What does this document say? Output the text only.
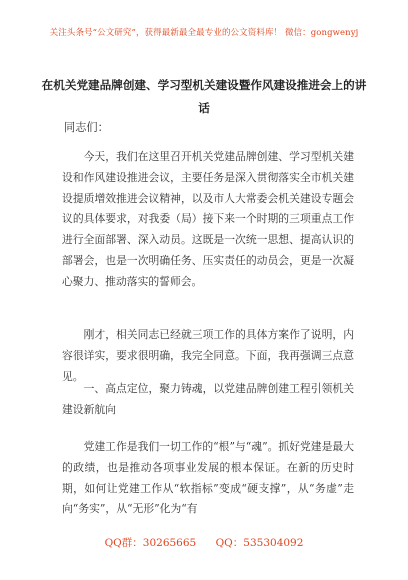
关注头条号“公文研究”，获得最新最全最专业的公文资料库！ 微信：gongwenyj
在机关党建品牌创建、学习型机关建设暨作风建设推进会上的讲话
同志们：

今天，我们在这里召开机关党建品牌创建、学习型机关建设和作风建设推进会议，主要任务是深入贯彻落实全市机关建设提质增效推进会议精神，以及市人大常委会机关建设专题会议的具体要求，对我委（局）接下来一个时期的三项重点工作进行全面部署、深入动员。这既是一次统一思想、提高认识的部署会，也是一次明确任务、压实责任的动员会，更是一次凝心聚力、推动落实的誓师会。

刚才，相关同志已经就三项工作的具体方案作了说明，内容很详实，要求很明确，我完全同意。下面，我再强调三点意见。

一、高点定位，聚力铸魂，以党建品牌创建工程引领机关建设新航向

党建工作是我们一切工作的“根”与“魂”。抓好党建是最大的政绩，也是推动各项事业发展的根本保证。在新的历史时期，如何让党建工作从“软指标”变成“硬支撑”，从“务虚”走向“务实”，从“无形”化为“有

QQ群：30265665 QQ：535304092
